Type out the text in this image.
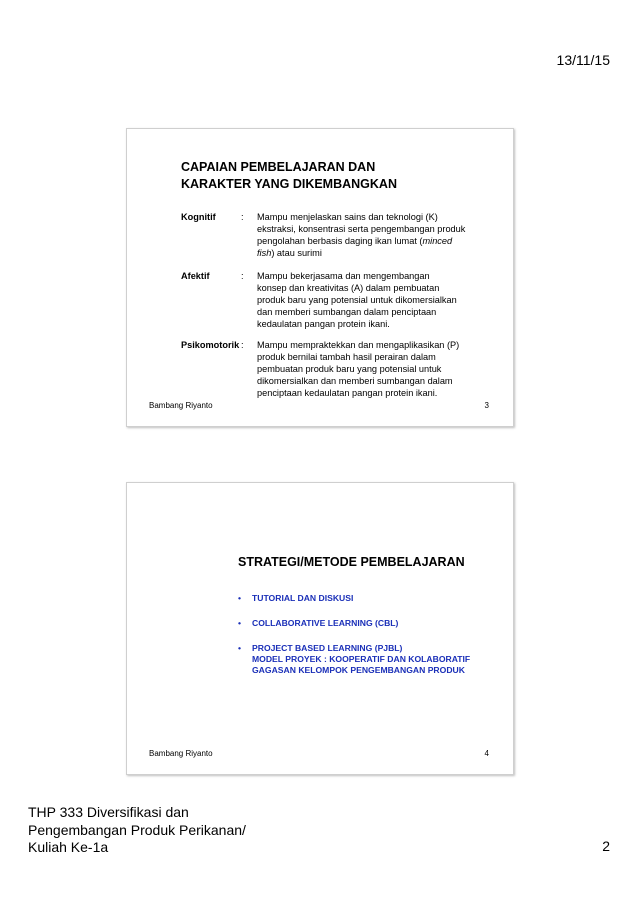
13/11/15
CAPAIAN PEMBELAJARAN DAN
KARAKTER YANG DIKEMBANGKAN
Kognitif	: Mampu menjelaskan sains dan teknologi (K)
ekstraksi, konsentrasi serta pengembangan produk
pengolahan berbasis daging ikan lumat (minced
fish) atau surimi
Afektif	: Mampu bekerjasama dan mengembangan
konsep dan kreativitas (A) dalam pembuatan
produk baru yang potensial untuk dikomersialkan
dan memberi sumbangan dalam penciptaan
kedaulatan pangan protein ikani.
Psikomotorik : Mampu mempraktekkan dan mengaplikasikan (P)
produk bernilai tambah hasil perairan dalam
pembuatan produk baru yang potensial untuk
dikomersialkan dan memberi sumbangan dalam
penciptaan kedaulatan pangan protein ikani.
Bambang Riyanto	3
STRATEGI/METODE PEMBELAJARAN
• TUTORIAL DAN DISKUSI
• COLLABORATIVE LEARNING (CBL)
• PROJECT BASED LEARNING (PJBL)
MODEL PROYEK : KOOPERATIF DAN KOLABORATIF
GAGASAN KELOMPOK PENGEMBANGAN PRODUK
Bambang Riyanto	4
THP 333 Diversifikasi dan
Pengembangan Produk Perikanan/
Kuliah Ke-1a	2
